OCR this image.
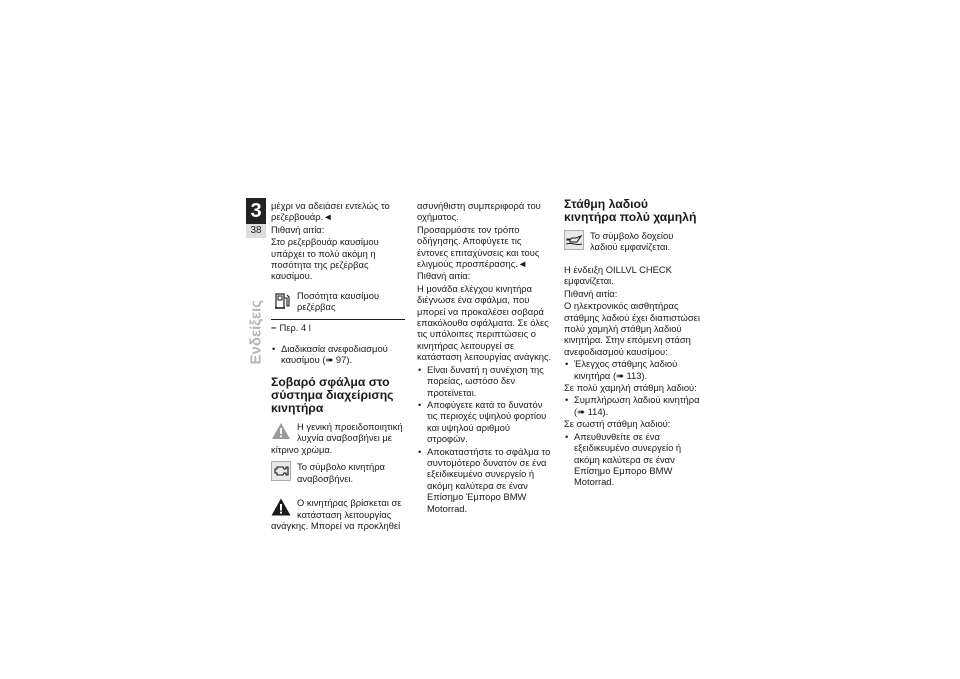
3
38
Ενδείξεις
μέχρι να αδειάσει εντελώς το ρεζερβουάρ.◄
Πιθανή αιτία:
Στο ρεζερβουάρ καυσίμου υπάρχει το πολύ ακόμη η ποσότητα της ρεζέρβας καυσίμου.
Ποσότητα καυσίμου ρεζέρβας
− Περ. 4 l
• Διαδικασία ανεφοδιασμού καυσίμου (➠ 97).
Σοβαρό σφάλμα στο σύστημα διαχείρισης κινητήρα
Η γενική προειδοποιητική λυχνία αναβοσβήνει με κίτρινο χρώμα.
Το σύμβολο κινητήρα αναβοσβήνει.
Ο κινητήρας βρίσκεται σε κατάσταση λειτουργίας ανάγκης. Μπορεί να προκληθεί
ασυνήθιστη συμπεριφορά του οχήματος.
Προσαρμόστε τον τρόπο οδήγησης. Αποφύγετε τις έντονες επιταχύνσεις και τους ελιγμούς προσπέρασης.◄
Πιθανή αιτία:
Η μονάδα ελέγχου κινητήρα διέγνωσε ένα σφάλμα, που μπορεί να προκαλέσει σοβαρά επακόλουθα σφάλματα. Σε όλες τις υπόλοιπες περιπτώσεις ο κινητήρας λειτουργεί σε κατάσταση λειτουργίας ανάγκης.
• Είναι δυνατή η συνέχιση της πορείας, ωστόσο δεν προτείνεται.
• Αποφύγετε κατά το δυνατόν τις περιοχές υψηλού φορτίου και υψηλού αριθμού στροφών.
• Αποκαταστήστε το σφάλμα το συντομότερο δυνατόν σε ένα εξειδικευμένο συνεργείο ή ακόμη καλύτερα σε έναν Επίσημο Έμπορο BMW Motorrad.
Στάθμη λαδιού κινητήρα πολύ χαμηλή
Το σύμβολο δοχείου λαδιού εμφανίζεται.
Η ένδειξη OILLVL CHECK εμφανίζεται.
Πιθανή αιτία:
Ο ηλεκτρονικός αισθητήρας στάθμης λαδιού έχει διαπιστώσει πολύ χαμηλή στάθμη λαδιού κινητήρα. Στην επόμενη στάση ανεφοδιασμού καυσίμου:
• Έλεγχος στάθμης λαδιού κινητήρα (➠ 113).
Σε πολύ χαμηλή στάθμη λαδιού:
• Συμπλήρωση λαδιού κινητήρα (➠ 114).
Σε σωστή στάθμη λαδιού:
• Απευθυνθείτε σε ένα εξειδικευμένο συνεργείο ή ακόμη καλύτερα σε έναν Επίσημο Εμπορο BMW Motorrad.
